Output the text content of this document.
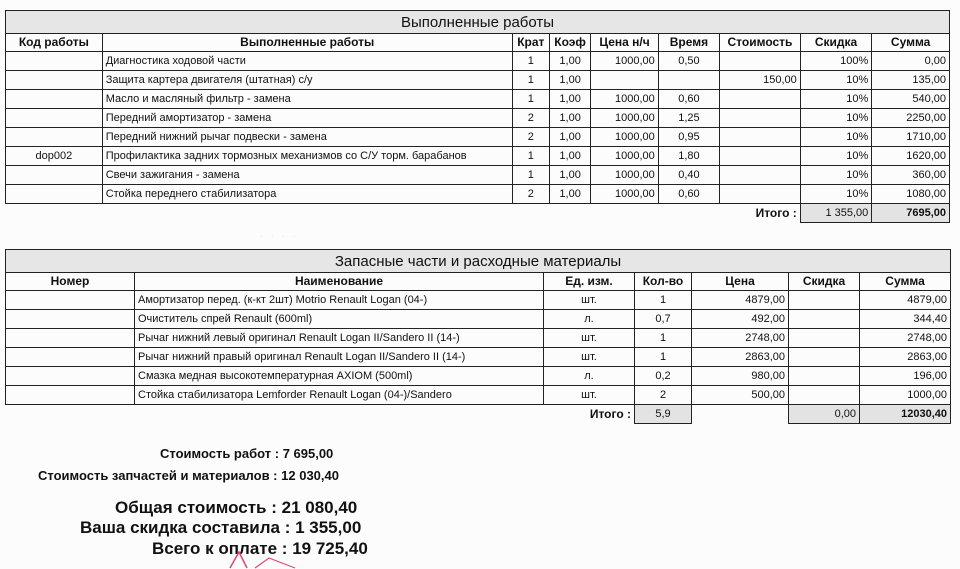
Выполненные работы								
Код работы	Выполненные работы	Крат	Коэф	Цена н/ч	Время	Стоимость	Скидка	Сумма
	Диагностика ходовой части	1	1,00	1000,00	0,50		100%	0,00
	Защита картера двигателя (штатная) с/у	1	1,00			150,00	10%	135,00
	Масло и масляный фильтр - замена	1	1,00	1000,00	0,60		10%	540,00
	Передний амортизатор - замена	2	1,00	1000,00	1,25		10%	2250,00
	Передний нижний рычаг подвески - замена	2	1,00	1000,00	0,95		10%	1710,00
dop002	Профилактика задних тормозных механизмов со С/У торм. барабанов	1	1,00	1000,00	1,80		10%	1620,00
	Свечи зажигания - замена	1	1,00	1000,00	0,40		10%	360,00
	Стойка переднего стабилизатора	2	1,00	1000,00	0,60		10%	1080,00
						Итого :	1 355,00	7695,00
· · · ·
Запасные части и расходные материалы						
Номер	Наименование	Ед. изм.	Кол-во	Цена	Скидка	Сумма
	Амортизатор перед. (к-кт 2шт) Motrio Renault Logan (04-)	шт.	1	4879,00		4879,00
	Очиститель спрей Renault (600ml)	л.	0,7	492,00		344,40
	Рычаг нижний левый оригинал Renault Logan II/Sandero II (14-)	шт.	1	2748,00		2748,00
	Рычаг нижний правый оригинал Renault Logan II/Sandero II (14-)	шт.	1	2863,00		2863,00
	Смазка медная высокотемпературная AXIOM (500ml)	л.	0,2	980,00		196,00
	Стойка стабилизатора Lemforder Renault Logan (04-)/Sandero	шт.	2	500,00		1000,00
		Итого :	5,9		0,00	12030,40
Стоимость работ : 7 695,00
Стоимость запчастей и материалов : 12 030,40
Общая стоимость : 21 080,40
Ваша скидка составила : 1 355,00
Всего к оплате : 19 725,40
